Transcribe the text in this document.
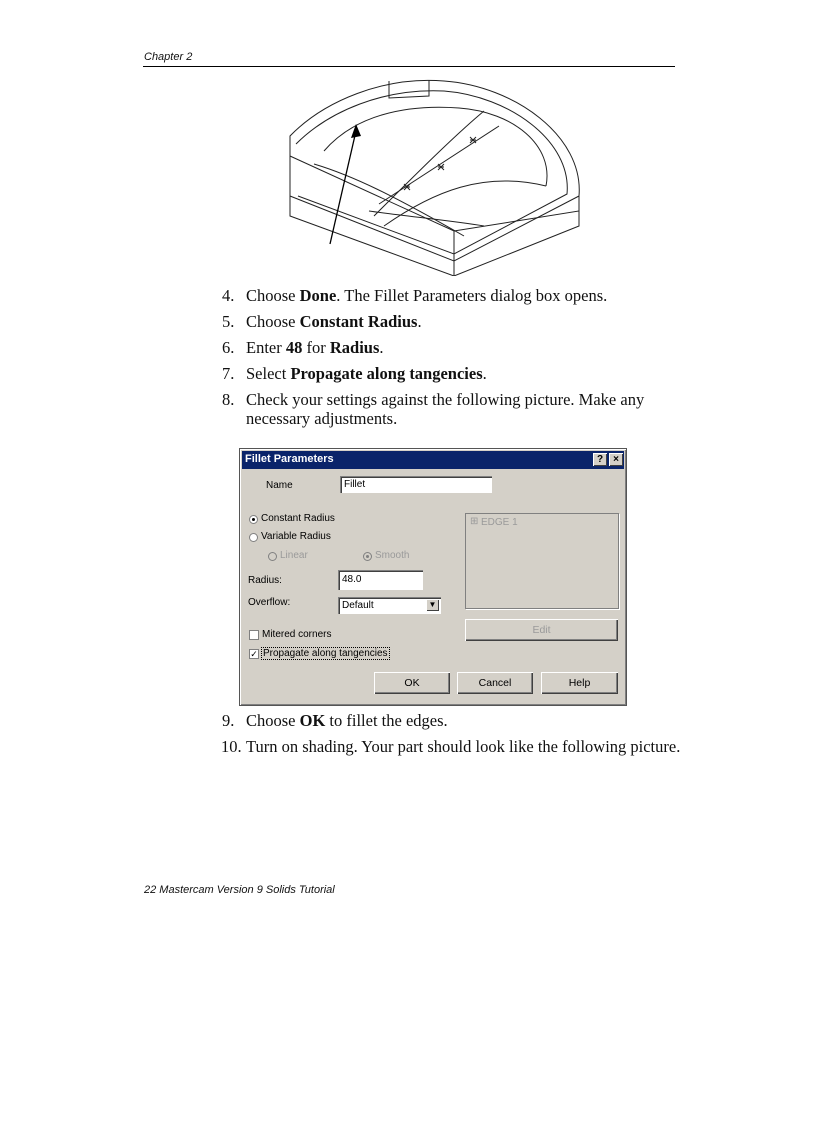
Chapter 2
4. Choose Done. The Fillet Parameters dialog box opens.
5. Choose Constant Radius.
6. Enter 48 for Radius.
7. Select Propagate along tangencies.
8. Check your settings against the following picture. Make any necessary adjustments.
Fillet Parameters	?	×
Name	Fillet
Constant Radius
Variable Radius
Linear	Smooth
Radius:	48.0
Overflow:	Default	▼
⊞ EDGE 1
Edit
Mitered corners
✓ Propagate along tangencies
OK	Cancel	Help
9. Choose OK to fillet the edges.
10. Turn on shading. Your part should look like the following picture.
22 Mastercam Version 9 Solids Tutorial
